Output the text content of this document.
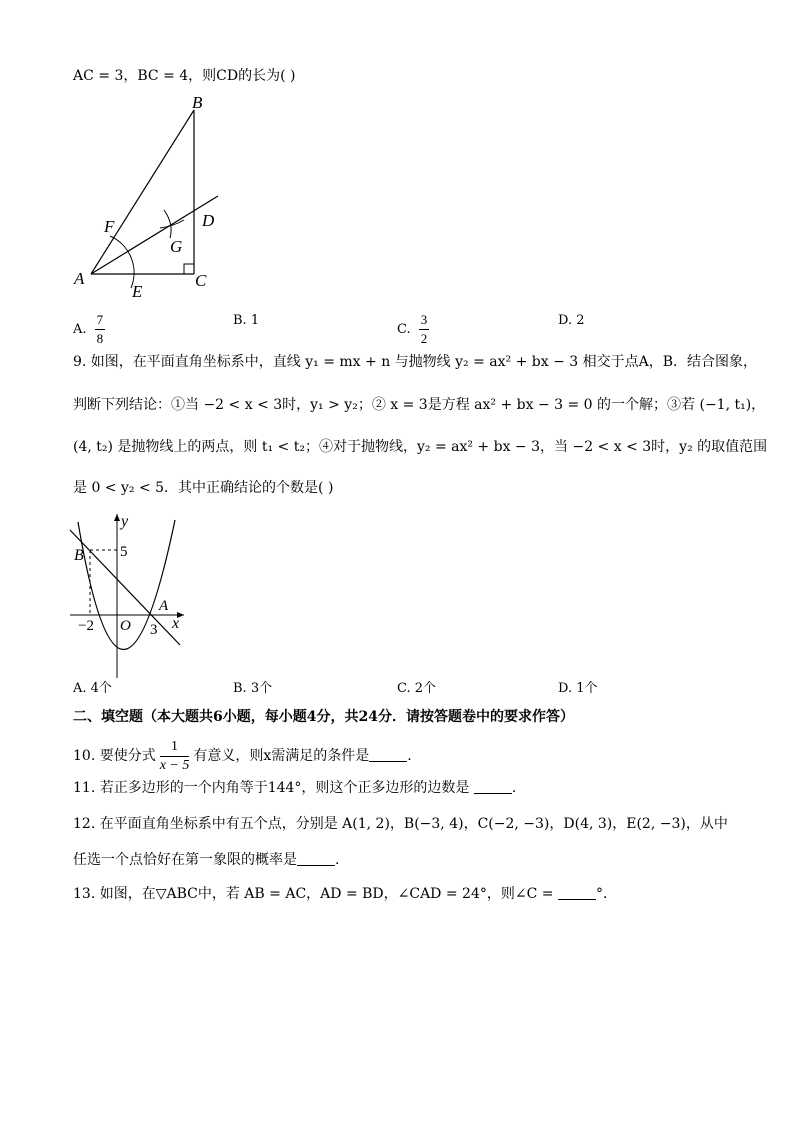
AC = 3，BC = 4，则CD的长为( )
A
B
C
D
E
F
G
A. $\frac{7}{8}$	B. 1
C. $\frac{3}{2}$	D. 2
9. 如图，在平面直角坐标系中，直线 y₁ = mx + n 与抛物线 y₂ = ax² + bx − 3 相交于点A，B．结合图象，
判断下列结论：①当 −2 < x < 3时，y₁ > y₂；② x = 3是方程 ax² + bx − 3 = 0 的一个解；③若 (−1, t₁)，
(4, t₂) 是抛物线上的两点，则 t₁ < t₂；④对于抛物线，y₂ = ax² + bx − 3，当 −2 < x < 3时，y₂ 的取值范围
是 0 < y₂ < 5．其中正确结论的个数是( )
y
x
B
A
O
5
−2	3
A. 4个	B. 3个	C. 2个	D. 1个
二、填空题（本大题共6小题，每小题4分，共24分．请按答题卷中的要求作答）
10. 要使分式 $\frac{1}{x - 5}$ 有意义，则x需满足的条件是	.
11. 若正多边形的一个内角等于144°，则这个正多边形的边数是	.
12. 在平面直角坐标系中有五个点，分别是 A(1, 2)，B(−3, 4)，C(−2, −3)，D(4, 3)，E(2, −3)，从中
任选一个点恰好在第一象限的概率是	.
13. 如图，在▽ABC中，若 AB = AC，AD = BD，∠CAD = 24°，则∠C =	°．
